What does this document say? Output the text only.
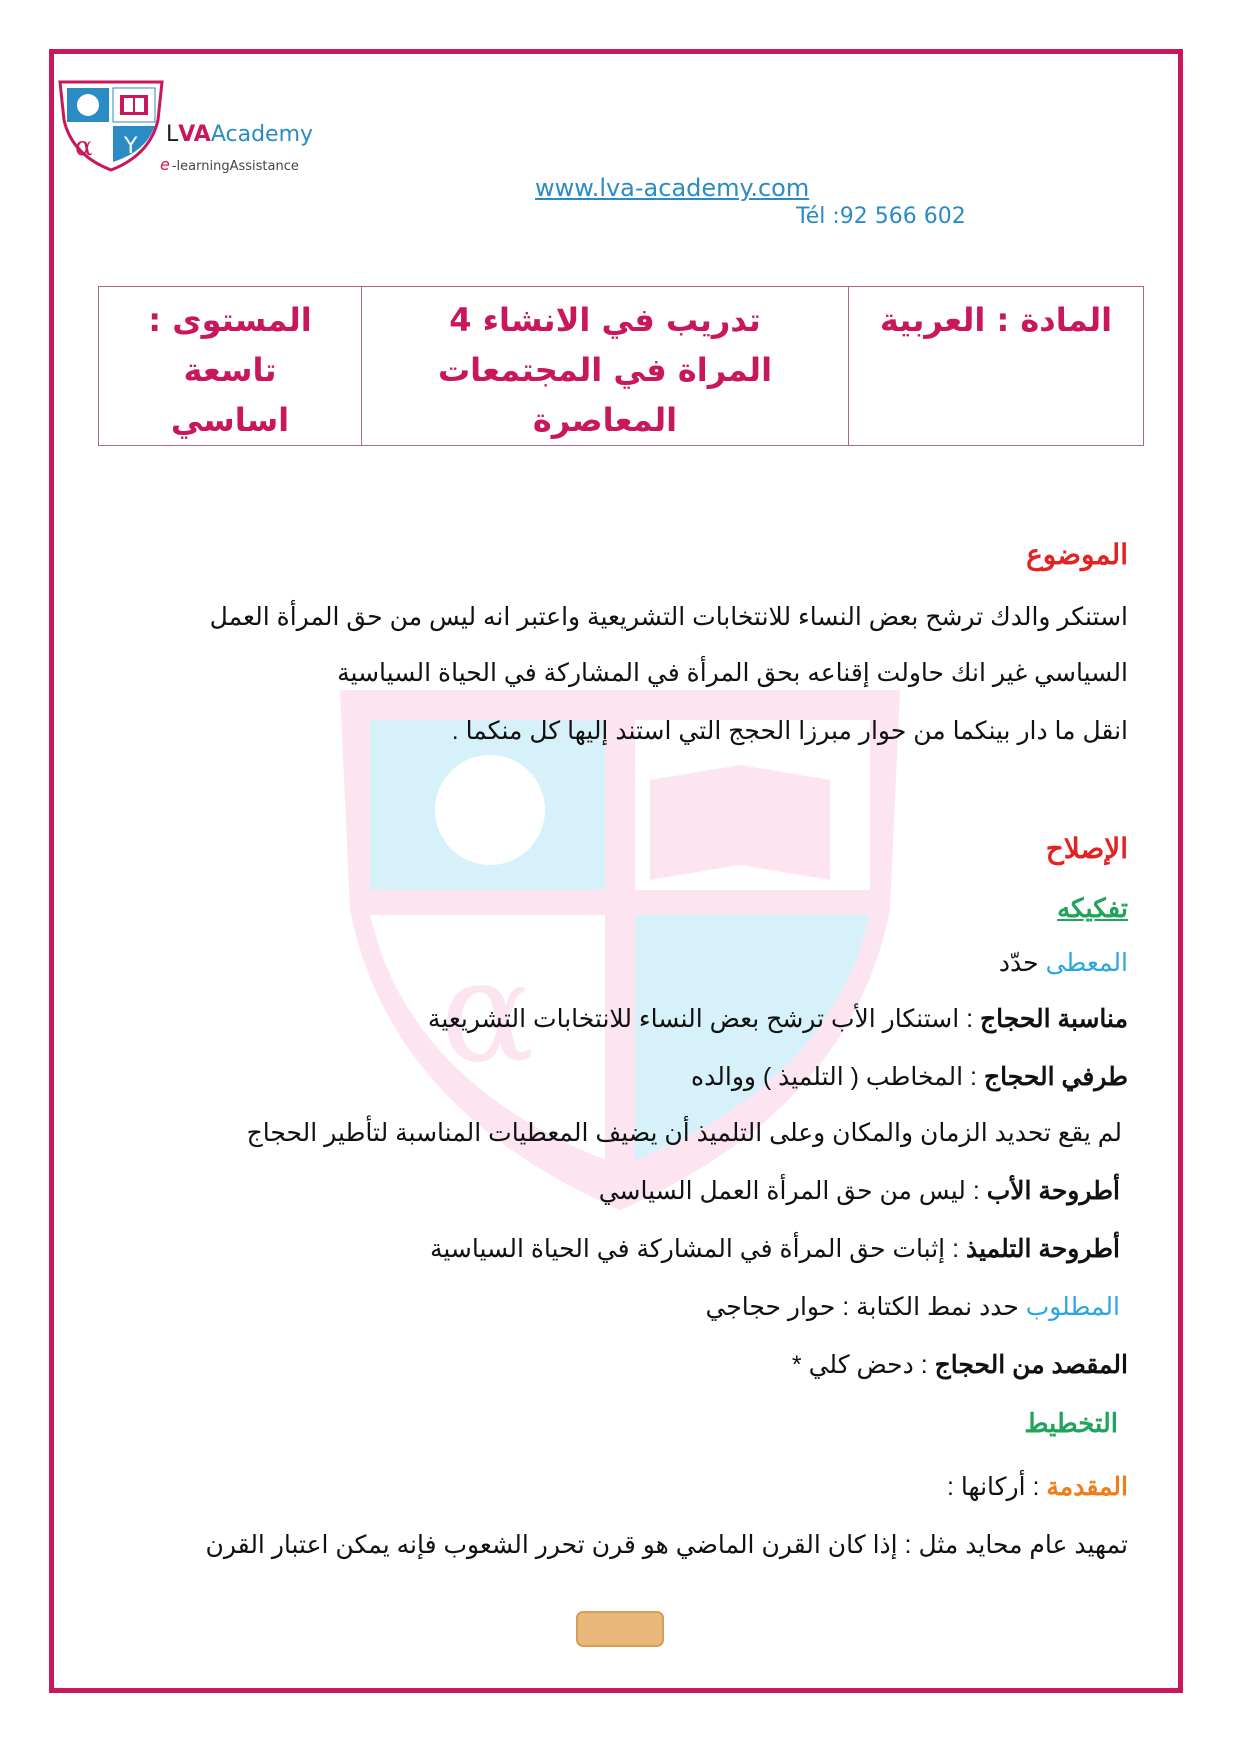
α
α Y LVAAcademy
e -learningAssistance
www.lva-academy.com
Tél :92 566 602
المادة : العربية

تدريب في الانشاء 4
المراة في المجتمعات المعاصرة

المستوى : تاسعة
اساسي
الموضوع
استنكر والدك ترشح بعض النساء للانتخابات التشريعية واعتبر انه ليس من حق المرأة العمل
السياسي غير انك حاولت إقناعه بحق المرأة في المشاركة في الحياة السياسية
انقل ما دار بينكما من حوار مبرزا الحجج التي استند إليها كل منكما .
الإصلاح
تفكيكه
المعطى حدّد
مناسبة الحجاج : استنكار الأب ترشح بعض النساء للانتخابات التشريعية
طرفي الحجاج : المخاطب ( التلميذ ) ووالده
لم يقع تحديد الزمان والمكان وعلى التلميذ أن يضيف المعطيات المناسبة لتأطير الحجاج
أطروحة الأب : ليس من حق المرأة العمل السياسي
أطروحة التلميذ : إثبات حق المرأة في المشاركة في الحياة السياسية
المطلوب حدد نمط الكتابة : حوار حجاجي
المقصد من الحجاج : دحض كلي *
التخطيط
المقدمة : أركانها :
تمهيد عام محايد مثل : إذا كان القرن الماضي هو قرن تحرر الشعوب فإنه يمكن اعتبار القرن
